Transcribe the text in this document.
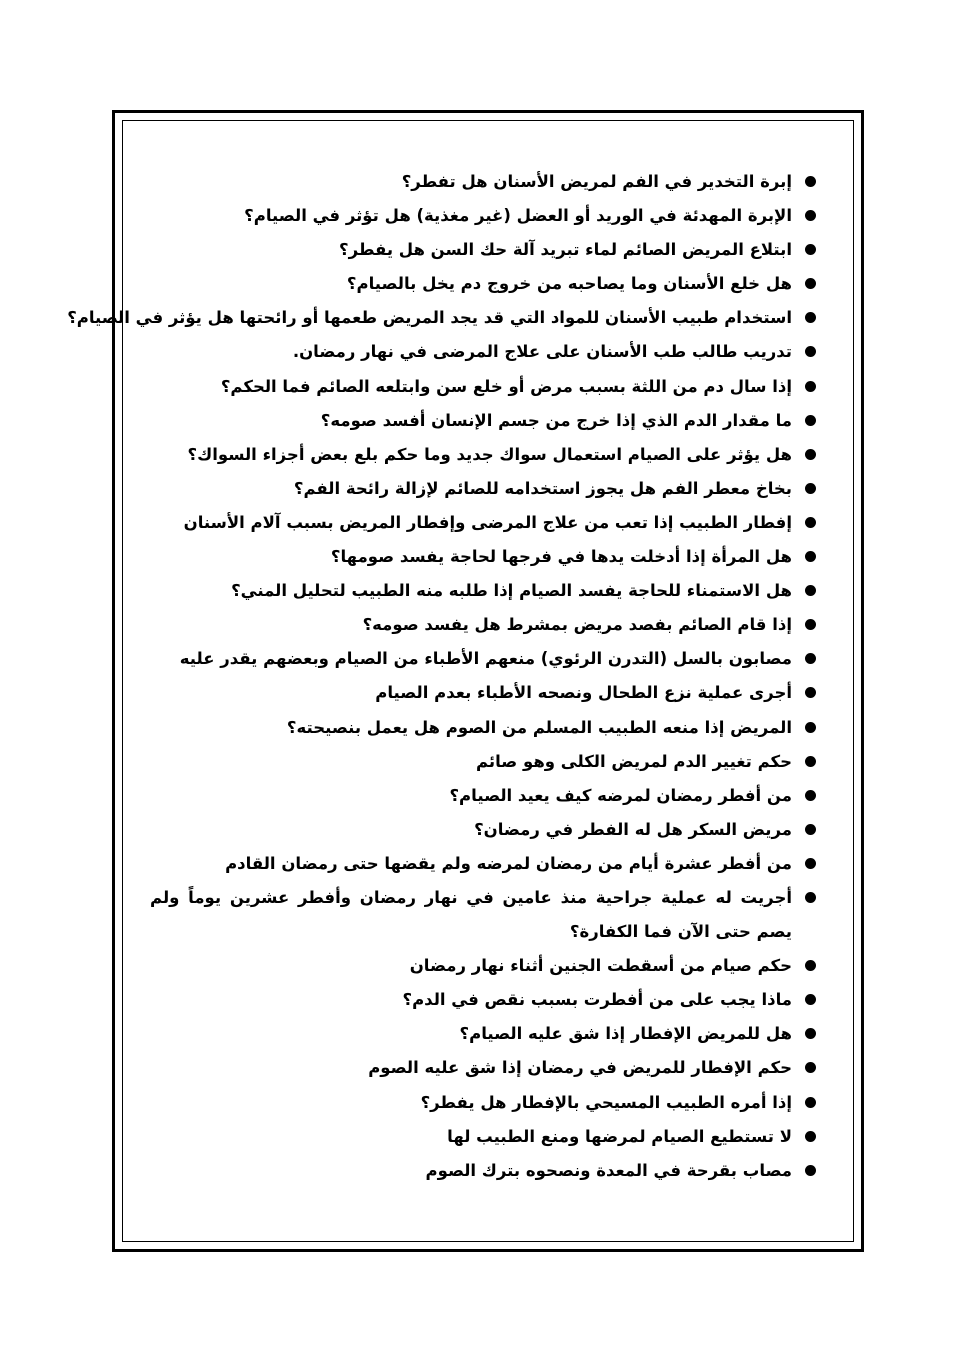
إبرة التخدير في الفم لمريض الأسنان هل تفطر؟
الإبرة المهدئة في الوريد أو العضل (غير مغذية) هل تؤثر في الصيام؟
ابتلاع المريض الصائم لماء تبريد آلة حك السن هل يفطر؟
هل خلع الأسنان وما يصاحبه من خروج دم يخل بالصيام؟
استخدام طبيب الأسنان للمواد التي قد يجد المريض طعمها أو رائحتها هل يؤثر في الصيام؟
تدريب طالب طب الأسنان على علاج المرضى في نهار رمضان.
إذا سال دم من اللثة بسبب مرض أو خلع سن وابتلعه الصائم فما الحكم؟
ما مقدار الدم الذي إذا خرج من جسم الإنسان أفسد صومه؟
هل يؤثر على الصيام استعمال سواك جديد وما حكم بلع بعض أجزاء السواك؟
بخاخ معطر الفم هل يجوز استخدامه للصائم لإزالة رائحة الفم؟
إفطار الطبيب إذا تعب من علاج المرضى وإفطار المريض بسبب آلام الأسنان
هل المرأة إذا أدخلت يدها في فرجها لحاجة يفسد صومها؟
هل الاستمناء للحاجة يفسد الصيام إذا طلبه منه الطبيب لتحليل المني؟
إذا قام الصائم بفصد مريض بمشرط هل يفسد صومه؟
مصابون بالسل (التدرن الرئوي) منعهم الأطباء من الصيام وبعضهم يقدر عليه
أجرى عملية نزع الطحال ونصحه الأطباء بعدم الصيام
المريض إذا منعه الطبيب المسلم من الصوم هل يعمل بنصيحته؟
حكم تغيير الدم لمريض الكلى وهو صائم
من أفطر رمضان لمرضه كيف يعيد الصيام؟
مريض السكر هل له الفطر في رمضان؟
من أفطر عشرة أيام من رمضان لمرضه ولم يقضها حتى رمضان القادم
أجريت له عملية جراحية منذ عامين في نهار رمضان وأفطر عشرين يوماً ولم يصم حتى الآن فما الكفارة؟
حكم صيام من أسقطت الجنين أثناء نهار رمضان
ماذا يجب على من أفطرت بسبب نقص في الدم؟
هل للمريض الإفطار إذا شق عليه الصيام؟
حكم الإفطار للمريض في رمضان إذا شق عليه الصوم
إذا أمره الطبيب المسيحي بالإفطار هل يفطر؟
لا تستطيع الصيام لمرضها ومنع الطبيب لها
مصاب بقرحة في المعدة ونصحوه بترك الصوم
